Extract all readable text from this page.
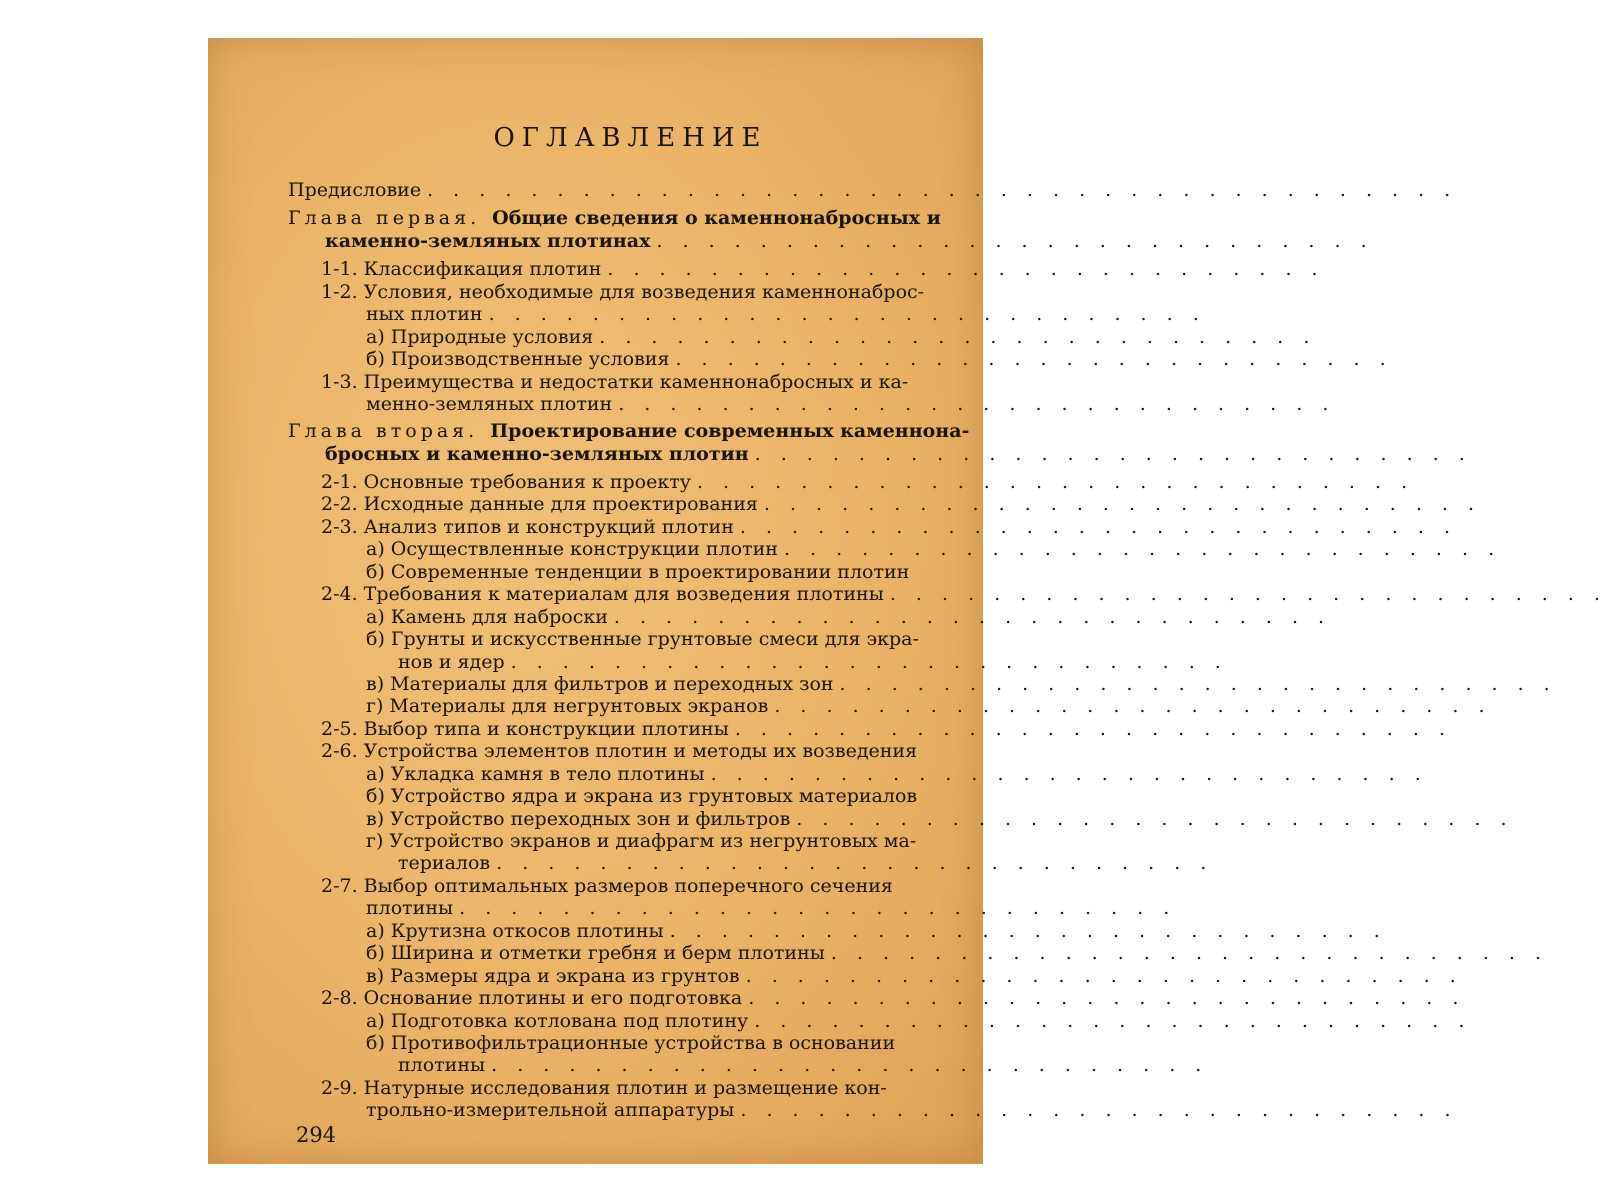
ОГЛАВЛЕНИЕ
Предисловие . . . . . . . . . . . . . . . . . . . . . . . . . . . . . . . . . . . . . . . .
Глава первая. Общие сведения о каменнонабросных и
каменно-земляных плотинах . . . . . . . . . . . . . . . . . . . . . . . . . . . .
1-1. Классификация плотин . . . . . . . . . . . . . . . . . . . . . . . . . . . .
1-2. Условия, необходимые для возведения каменнонаброс-
ных плотин . . . . . . . . . . . . . . . . . . . . . . . . . . . .
а) Природные условия . . . . . . . . . . . . . . . . . . . . . . . . . . . .
б) Производственные условия . . . . . . . . . . . . . . . . . . . . . . . . . . . .
1-3. Преимущества и недостатки каменнонабросных и ка-
менно-земляных плотин . . . . . . . . . . . . . . . . . . . . . . . . . . . .
Глава вторая. Проектирование современных каменнона-
бросных и каменно-земляных плотин . . . . . . . . . . . . . . . . . . . . . . . . . . . .
2-1. Основные требования к проекту . . . . . . . . . . . . . . . . . . . . . . . . . . . .
2-2. Исходные данные для проектирования . . . . . . . . . . . . . . . . . . . . . . . . . . . .
2-3. Анализ типов и конструкций плотин . . . . . . . . . . . . . . . . . . . . . . . . . . . .
а) Осуществленные конструкции плотин . . . . . . . . . . . . . . . . . . . . . . . . . . . .
б) Современные тенденции в проектировании плотин
2-4. Требования к материалам для возведения плотины . . . . . . . . . . . . . . . . . . . . . . . . . . . .
а) Камень для наброски . . . . . . . . . . . . . . . . . . . . . . . . . . . .
б) Грунты и искусственные грунтовые смеси для экра-
нов и ядер . . . . . . . . . . . . . . . . . . . . . . . . . . . .
в) Материалы для фильтров и переходных зон . . . . . . . . . . . . . . . . . . . . . . . . . . . .
г) Материалы для негрунтовых экранов . . . . . . . . . . . . . . . . . . . . . . . . . . . .
2-5. Выбор типа и конструкции плотины . . . . . . . . . . . . . . . . . . . . . . . . . . . .
2-6. Устройства элементов плотин и методы их возведения
а) Укладка камня в тело плотины . . . . . . . . . . . . . . . . . . . . . . . . . . . .
б) Устройство ядра и экрана из грунтовых материалов
в) Устройство переходных зон и фильтров . . . . . . . . . . . . . . . . . . . . . . . . . . . .
г) Устройство экранов и диафрагм из негрунтовых ма-
териалов . . . . . . . . . . . . . . . . . . . . . . . . . . . .
2-7. Выбор оптимальных размеров поперечного сечения
плотины . . . . . . . . . . . . . . . . . . . . . . . . . . . .
а) Крутизна откосов плотины . . . . . . . . . . . . . . . . . . . . . . . . . . . .
б) Ширина и отметки гребня и берм плотины . . . . . . . . . . . . . . . . . . . . . . . . . . . .
в) Размеры ядра и экрана из грунтов . . . . . . . . . . . . . . . . . . . . . . . . . . . .
2-8. Основание плотины и его подготовка . . . . . . . . . . . . . . . . . . . . . . . . . . . .
а) Подготовка котлована под плотину . . . . . . . . . . . . . . . . . . . . . . . . . . . .
б) Противофильтрационные устройства в основании
плотины . . . . . . . . . . . . . . . . . . . . . . . . . . . .
2-9. Натурные исследования плотин и размещение кон-
трольно-измерительной аппаратуры . . . . . . . . . . . . . . . . . . . . . . . . . . . .
294
